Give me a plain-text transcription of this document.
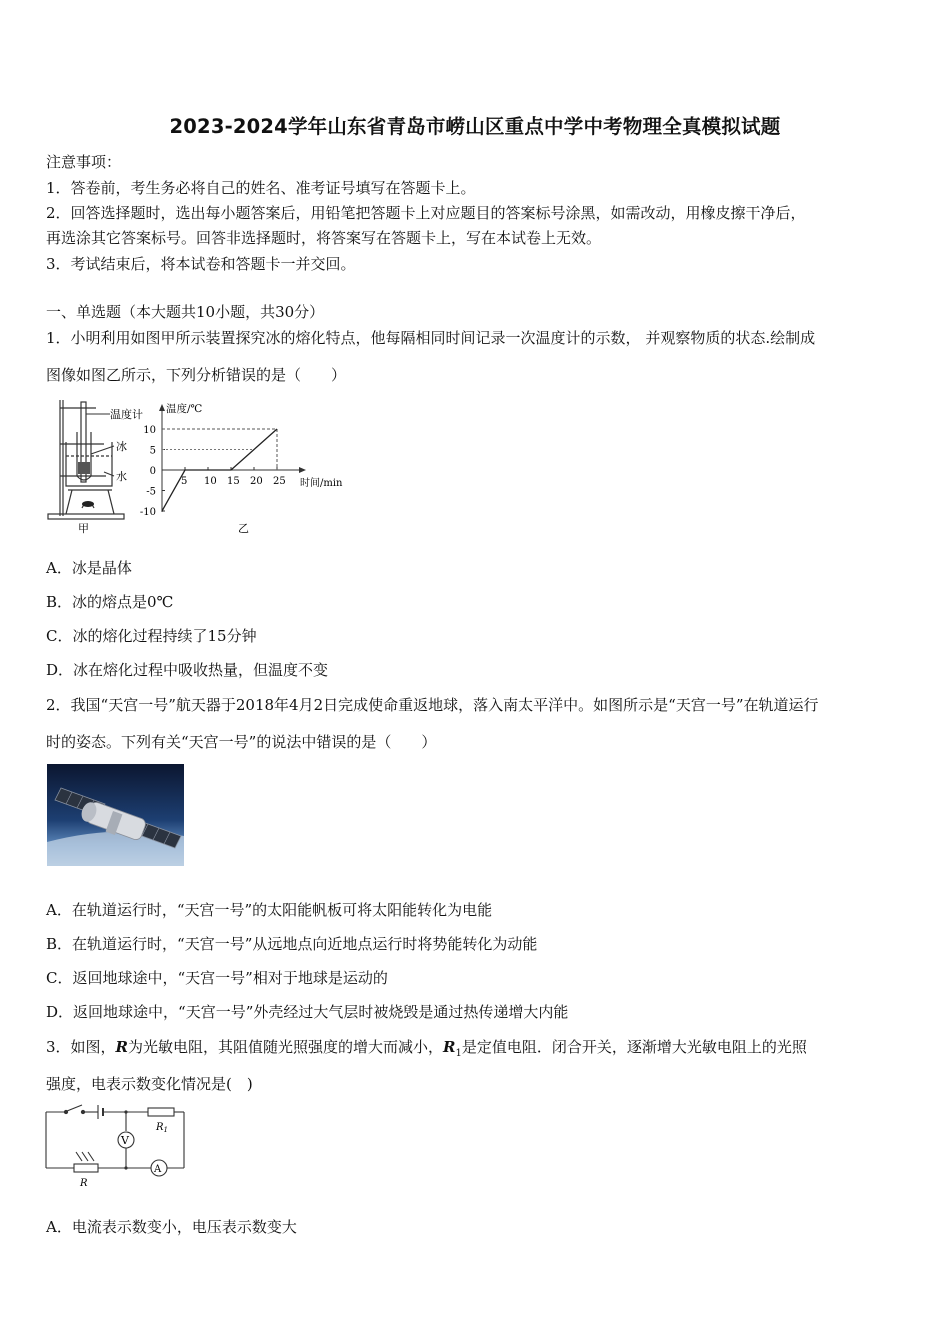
2023-2024学年山东省青岛市崂山区重点中学中考物理全真模拟试题
注意事项：
1．答卷前，考生务必将自己的姓名、准考证号填写在答题卡上。
2．回答选择题时，选出每小题答案后，用铅笔把答题卡上对应题目的答案标号涂黑，如需改动，用橡皮擦干净后，
再选涂其它答案标号。回答非选择题时，将答案写在答题卡上，写在本试卷上无效。
3．考试结束后，将本试卷和答题卡一并交回。
一、单选题（本大题共10小题，共30分）
1．小明利用如图甲所示装置探究冰的熔化特点，他每隔相同时间记录一次温度计的示数， 并观察物质的状态.绘制成
图像如图乙所示，下列分析错误的是（　　）
温度计
冰
水
甲
温度/℃
时间/min
乙
5 10 15 20 25
10
5
0
-5
-10
A．冰是晶体
B．冰的熔点是0℃
C．冰的熔化过程持续了15分钟
D．冰在熔化过程中吸收热量，但温度不变
2．我国“天宫一号”航天器于2018年4月2日完成使命重返地球，落入南太平洋中。如图所示是“天宫一号”在轨道运行
时的姿态。下列有关“天宫一号”的说法中错误的是（　　）
A．在轨道运行时，“天宫一号”的太阳能帆板可将太阳能转化为电能
B．在轨道运行时，“天宫一号”从远地点向近地点运行时将势能转化为动能
C．返回地球途中，“天宫一号”相对于地球是运动的
D．返回地球途中，“天宫一号”外壳经过大气层时被烧毁是通过热传递增大内能
3．如图，R为光敏电阻，其阻值随光照强度的增大而减小，$R_1$是定值电阻．闭合开关，逐渐增大光敏电阻上的光照
强度，电表示数变化情况是(　)
V
A
$R_1$
R
A．电流表示数变小，电压表示数变大
